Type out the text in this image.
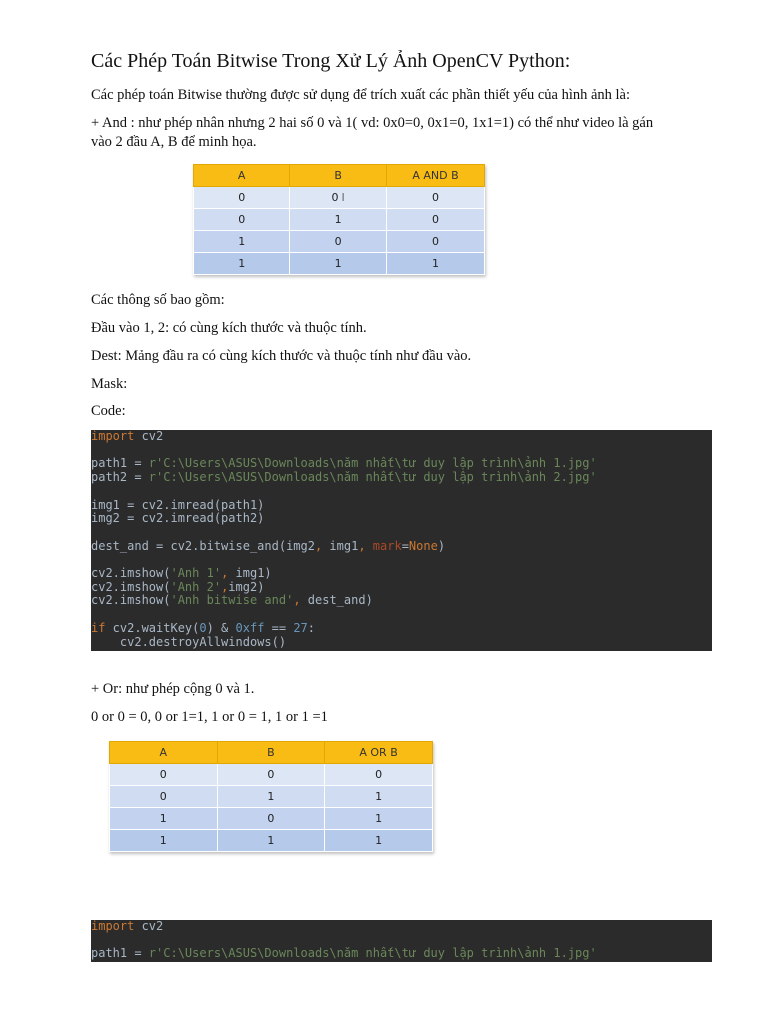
Các Phép Toán Bitwise Trong Xử Lý Ảnh OpenCV Python:
Các phép toán Bitwise thường được sử dụng để trích xuất các phần thiết yếu của hình ảnh là:
+ And : như phép nhân nhưng 2 hai số 0 và 1( vd: 0x0=0, 0x1=0, 1x1=1) có thể như video là gán
vào 2 đầu A, B để minh họa.
A	B	A AND B
0	0 I	0
0	1	0
1	0	0
1	1	1
Các thông số bao gồm:
Đầu vào 1, 2: có cùng kích thước và thuộc tính.
Dest: Mảng đầu ra có cùng kích thước và thuộc tính như đầu vào.
Mask:
Code:
import cv2

path1 = r'C:\Users\ASUS\Downloads\năm nhất\tư duy lập trình\ảnh 1.jpg'
path2 = r'C:\Users\ASUS\Downloads\năm nhất\tư duy lập trình\ảnh 2.jpg'

img1 = cv2.imread(path1)
img2 = cv2.imread(path2)

dest_and = cv2.bitwise_and(img2, img1, mark=None)

cv2.imshow('Anh 1', img1)
cv2.imshow('Anh 2',img2)
cv2.imshow('Anh bitwise and', dest_and)

if cv2.waitKey(0) & 0xff == 27:
cv2.destroyAllwindows()
+ Or: như phép cộng 0 và 1.
0 or 0 = 0, 0 or 1=1, 1 or 0 = 1, 1 or 1 =1
A	B	A OR B
0	0	0
0	1	1
1	0	1
1	1	1
import cv2

path1 = r'C:\Users\ASUS\Downloads\năm nhất\tư duy lập trình\ảnh 1.jpg'
